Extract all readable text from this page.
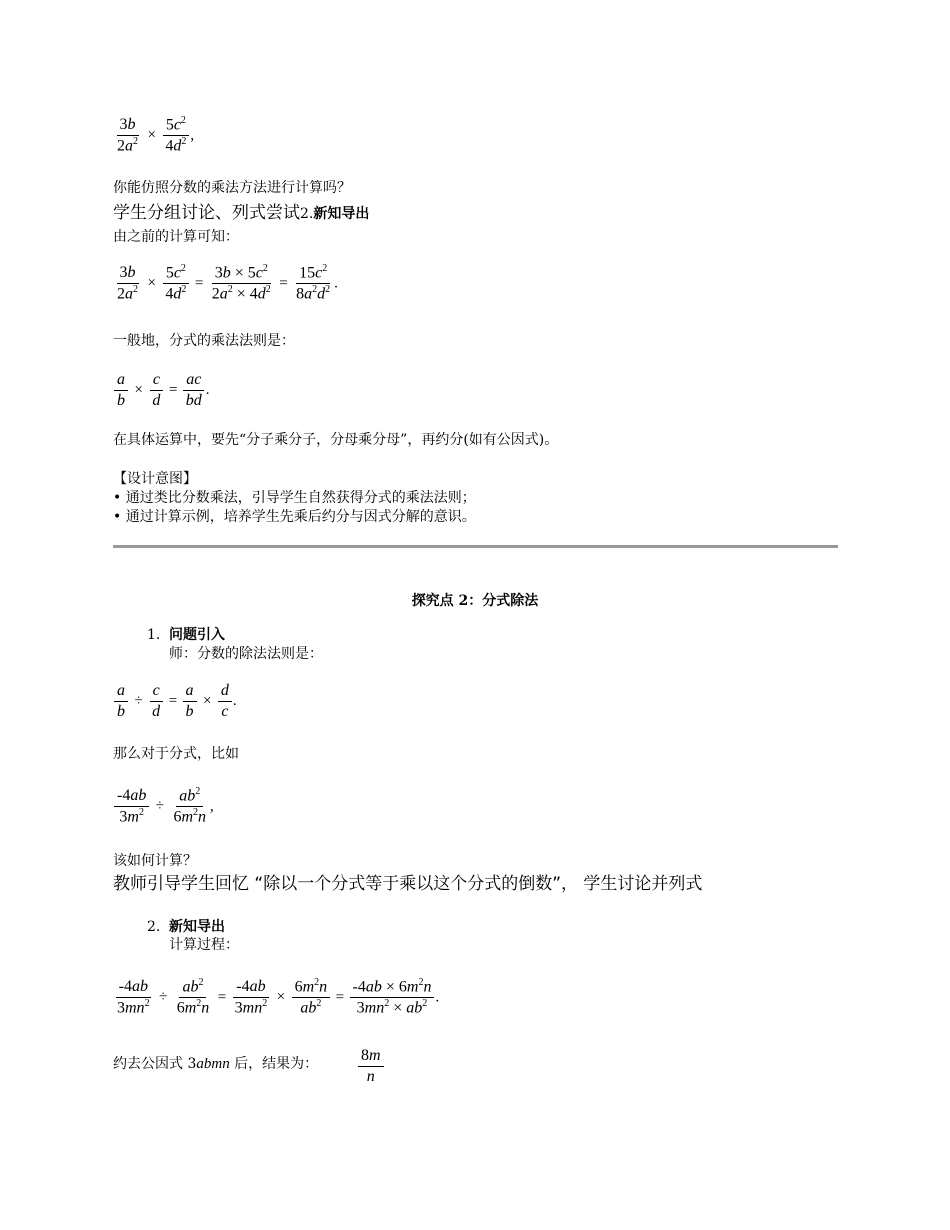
$\frac{3b}{2a^2} \times \frac{5c^2}{4d^2}$ ,
你能仿照分数的乘法方法进行计算吗？
学生分组讨论、列式尝试2.新知导出
由之前的计算可知：
$\frac{3b}{2a^2} \times \frac{5c^2}{4d^2} = \frac{3b \times 5c^2}{2a^2 \times 4d^2} = \frac{15c^2}{8a^2d^2}$ .
一般地，分式的乘法法则是：
$\frac{a}{b} \times \frac{c}{d} = \frac{ac}{bd}$ .
在具体运算中，要先“分子乘分子，分母乘分母”，再约分(如有公因式)。
【设计意图】
• 通过类比分数乘法，引导学生自然获得分式的乘法法则；
• 通过计算示例，培养学生先乘后约分与因式分解的意识。
探究点 2：分式除法
1. 问题引入
师：分数的除法法则是：
$\frac{a}{b} \div \frac{c}{d} = \frac{a}{b} \times \frac{d}{c}$ .
那么对于分式，比如
$\frac{-4ab}{3m^2} \div \frac{ab^2}{6m^2n}$ ,
该如何计算？
教师引导学生回忆 “除以一个分式等于乘以这个分式的倒数”， 学生讨论并列式
2. 新知导出
计算过程：
$\frac{-4ab}{3mn^2} \div \frac{ab^2}{6m^2n} = \frac{-4ab}{3mn^2} \times \frac{6m^2n}{ab^2} = \frac{-4ab \times 6m^2n}{3mn^2 \times ab^2}$ .
约去公因式 3abmn 后，结果为： $\frac{8m}{n}$
